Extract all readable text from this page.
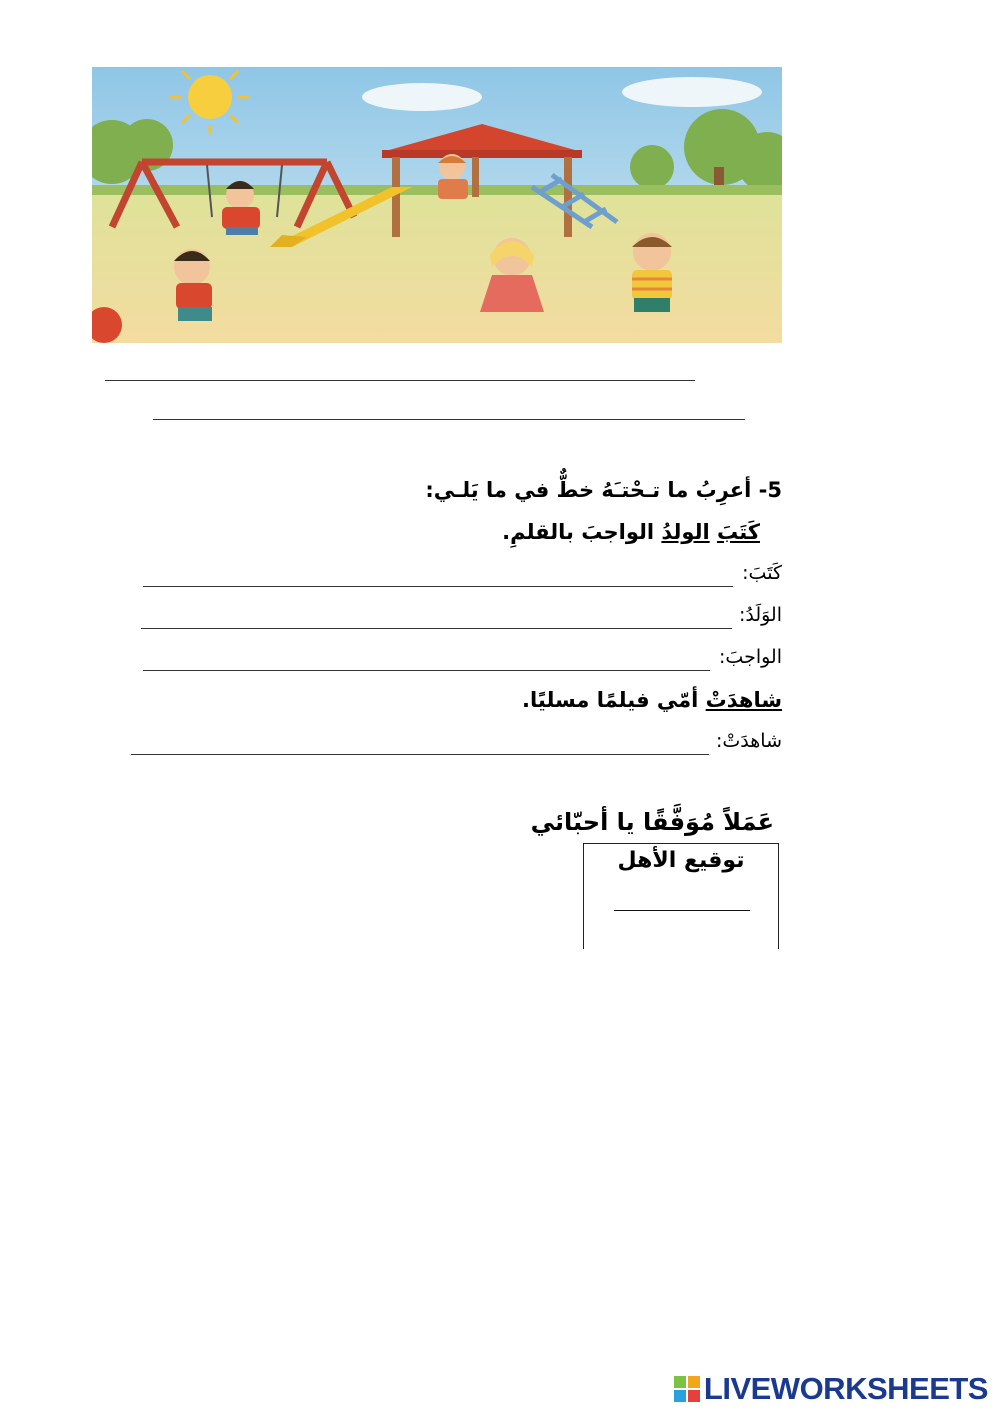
5- أعرِبُ ما تـحْتـَهُ خطٌّ في ما يَلـي:
كَتَبَ الولدُ الواجبَ بالقلمِ.
كَتَبَ:
الوَلَدُ:
الواجبَ:
شاهدَتْ أمّي فيلمًا مسليًا.
شاهدَتْ:
عَمَلاً مُوَفَّقًا يا أحبّائي
توقيع الأهل
LIVEWORKSHEETS
